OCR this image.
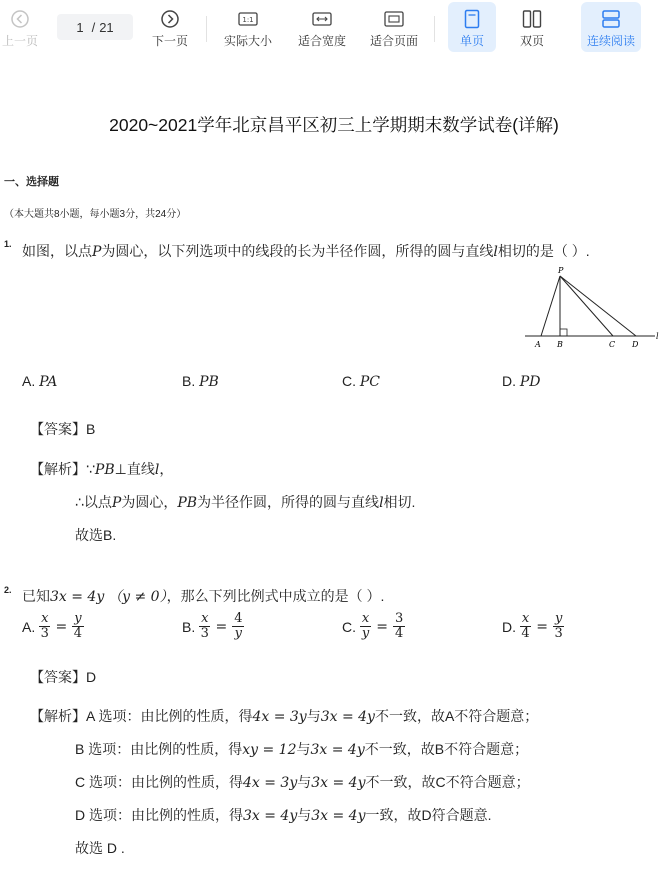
上一页
1 / 21
下一页
1:1
实际大小 适合宽度 适合页面	单页	双页	连续阅读
2020~2021学年北京昌平区初三上学期期末数学试卷(详解)
一、选择题
（本大题共8小题，每小题3分，共24分）
1. 如图，以点P为圆心，以下列选项中的线段的长为半径作圆，所得的圆与直线l相切的是（ ）.
P
A B	C D
l
A. PA	B. PB	C. PC	D. PD
【答案】B
【解析】∵PB⊥直线l，
∴以点P为圆心，PB为半径作圆，所得的圆与直线l相切.
故选B.
2. 已知3x = 4y （y ≠ 0），那么下列比例式中成立的是（ ）.
A.
$\frac{x}{3} = \frac{y}{4}$	B.
$\frac{x}{3} = \frac{4}{y}$	C.
$\frac{x}{y} = \frac{3}{4}$	D.
$\frac{x}{4} = \frac{y}{3}$
【答案】D
【解析】A 选项：由比例的性质，得4x = 3y与3x = 4y不一致，故A不符合题意；
B 选项：由比例的性质，得xy = 12与3x = 4y不一致，故B不符合题意；
C 选项：由比例的性质，得4x = 3y与3x = 4y不一致，故C不符合题意；
D 选项：由比例的性质，得3x = 4y与3x = 4y一致，故D符合题意.
故选 D .
